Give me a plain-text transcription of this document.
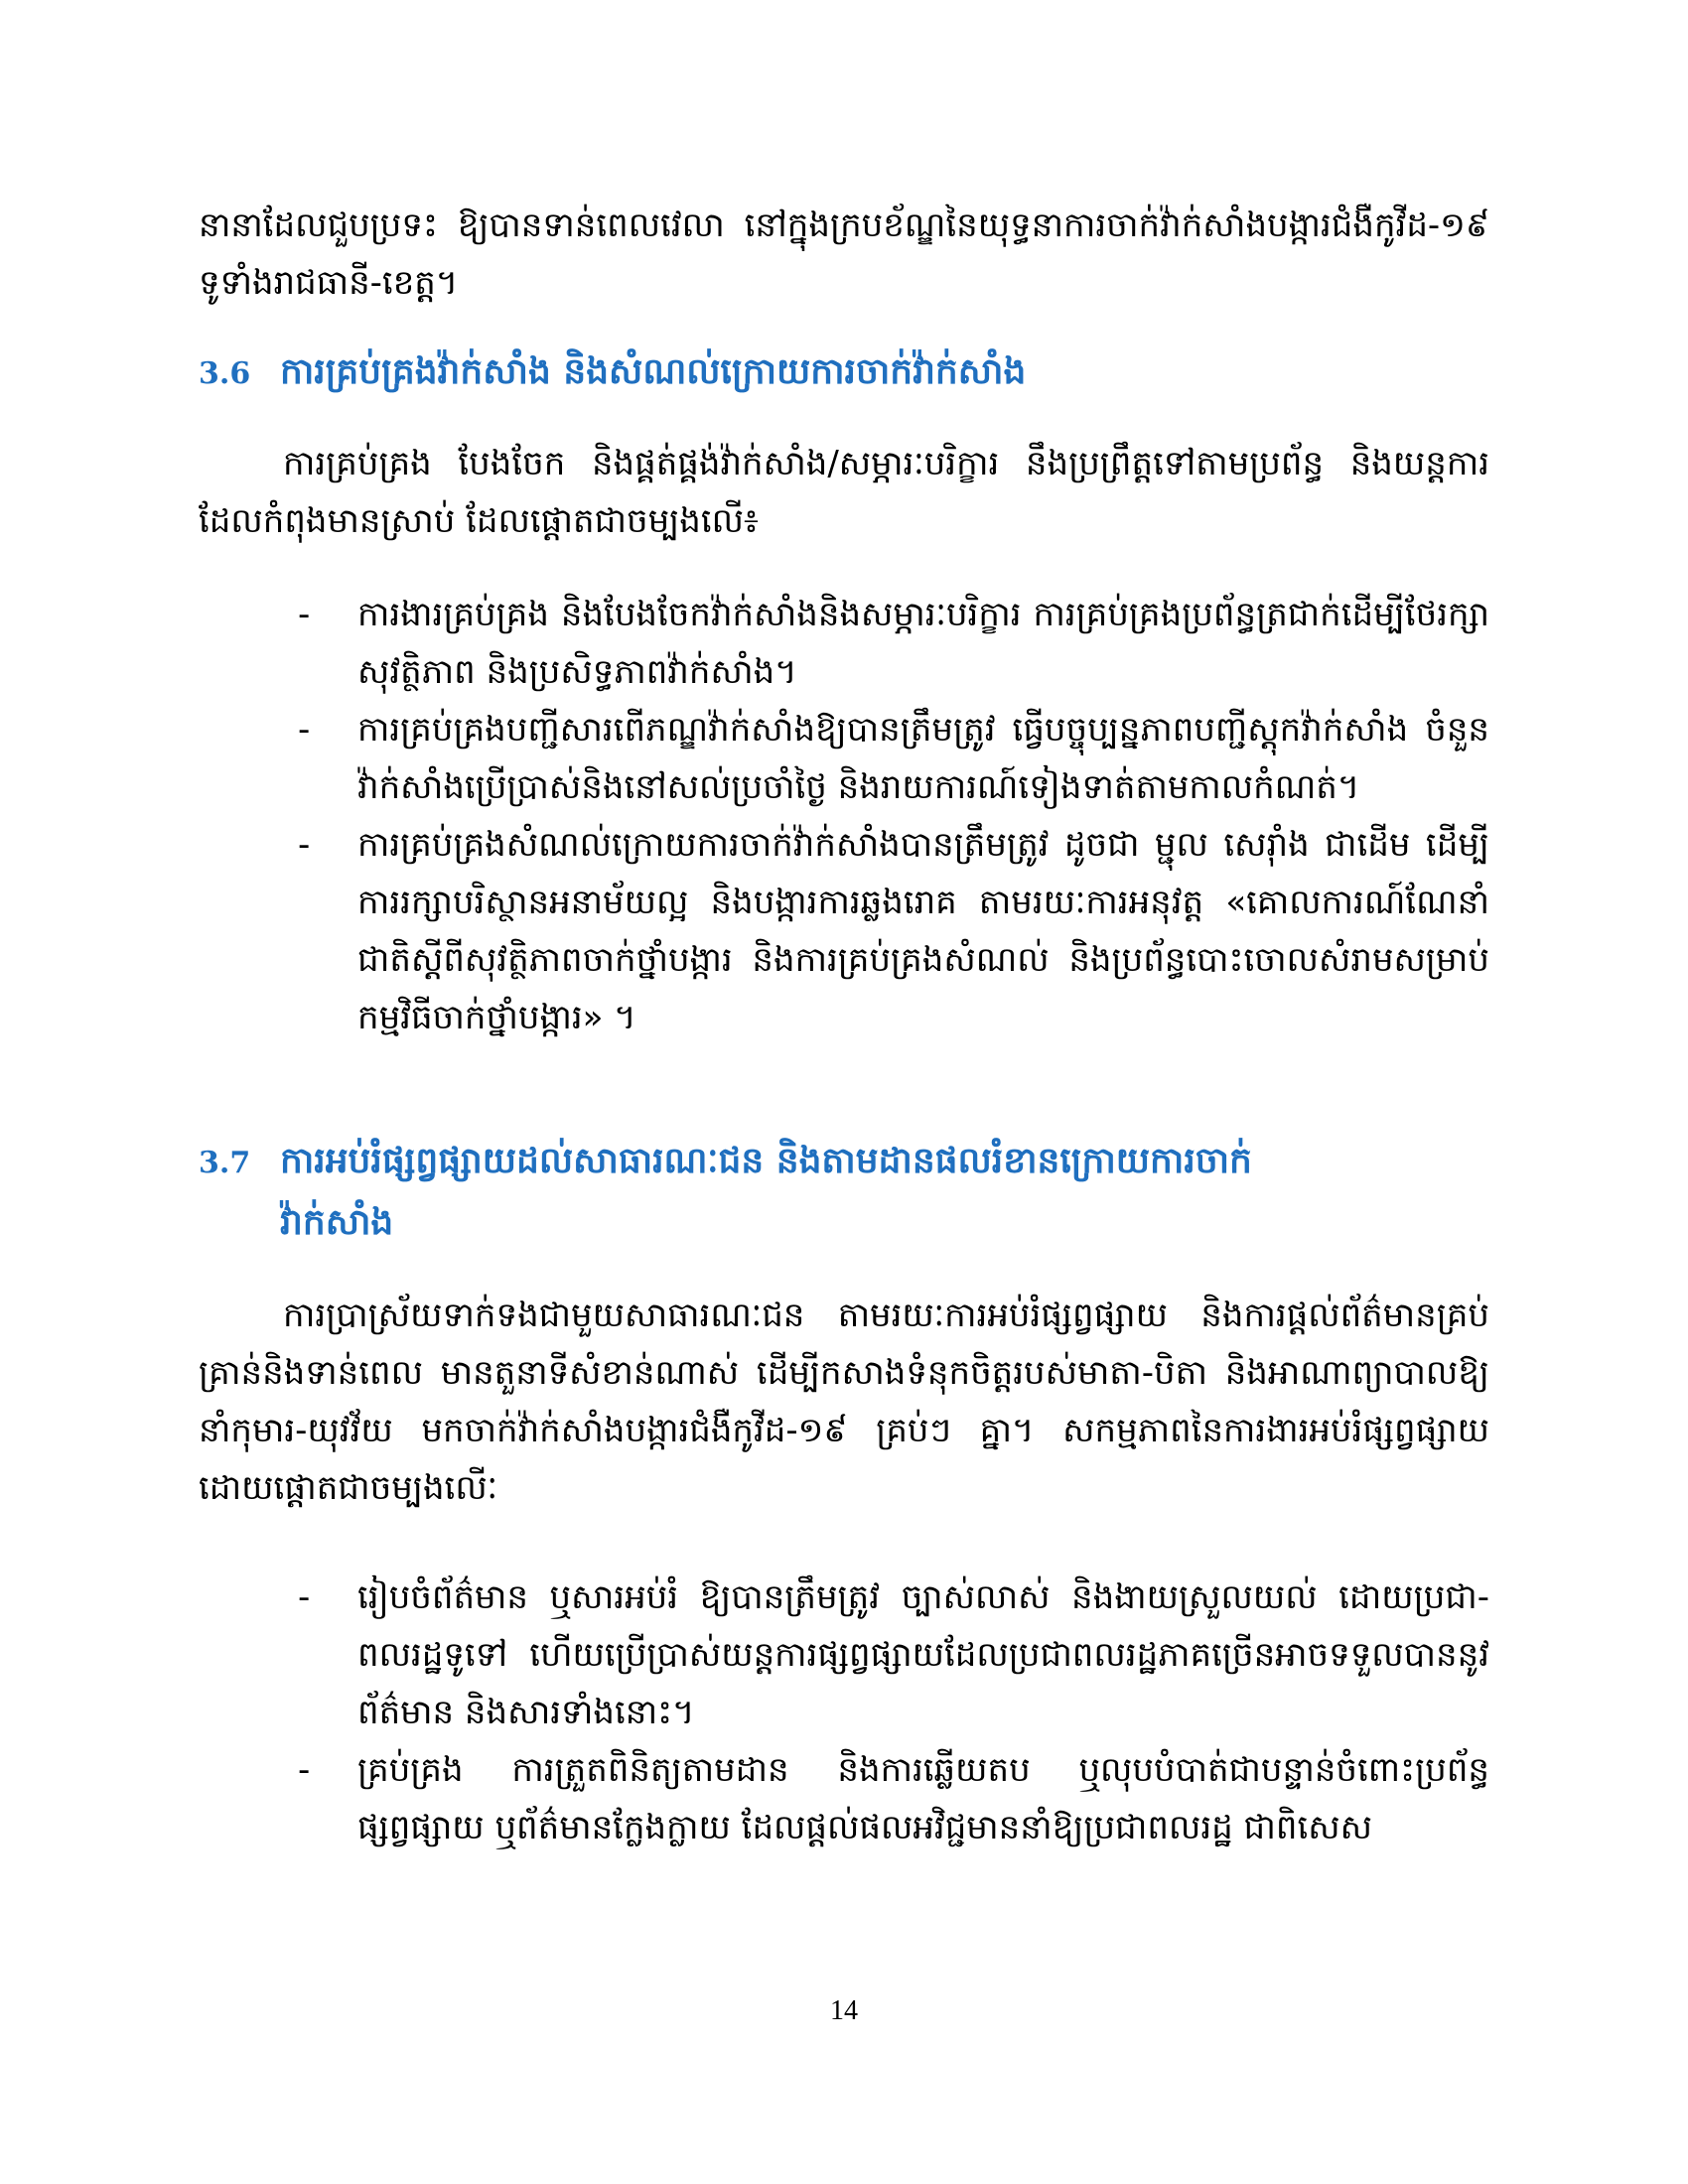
នានាដែលជួបប្រទះ ឱ្យបានទាន់ពេលវេលា នៅក្នុងក្របខ័ណ្ឌនៃយុទ្ធនាការចាក់វ៉ាក់សាំងបង្ការជំងឺកូវីដ-១៩ ទូទាំងរាជធានី-ខេត្ត។

3.6 ការគ្រប់គ្រងវ៉ាក់សាំង និងសំណល់ក្រោយការចាក់វ៉ាក់សាំង

ការគ្រប់គ្រង បែងចែក និងផ្គត់ផ្គង់វ៉ាក់សាំង/សម្ភារៈបរិក្ខារ នឹងប្រព្រឹត្តទៅតាមប្រព័ន្ធ និងយន្តការដែលកំពុងមានស្រាប់ ដែលផ្តោតជាចម្បងលើ៖

-	ការងារគ្រប់គ្រង និងបែងចែកវ៉ាក់សាំងនិងសម្ភារៈបរិក្ខារ ការគ្រប់គ្រងប្រព័ន្ធត្រជាក់ដើម្បីថែរក្សាសុវត្ថិភាព និងប្រសិទ្ធភាពវ៉ាក់សាំង។
-	ការគ្រប់គ្រងបញ្ជីសារពើភណ្ឌវ៉ាក់សាំងឱ្យបានត្រឹមត្រូវ ធ្វើបច្ចុប្បន្នភាពបញ្ជីស្តុកវ៉ាក់សាំង ចំនួនវ៉ាក់សាំងប្រើប្រាស់និងនៅសល់ប្រចាំថ្ងៃ និងរាយការណ៍ទៀងទាត់តាមកាលកំណត់។
-	ការគ្រប់គ្រងសំណល់ក្រោយការចាក់វ៉ាក់សាំងបានត្រឹមត្រូវ ដូចជា ម្ជុល សេរ៉ាំង ជាដើម ដើម្បីការរក្សាបរិស្ថានអនាម័យល្អ និងបង្ការការឆ្លងរោគ តាមរយៈការអនុវត្ត «គោលការណ៍ណែនាំជាតិស្តីពីសុវត្ថិភាពចាក់ថ្នាំបង្ការ និងការគ្រប់គ្រងសំណល់ និងប្រព័ន្ធបោះចោលសំរាមសម្រាប់កម្មវិធីចាក់ថ្នាំបង្ការ» ។
3.7 ការអប់រំផ្សព្វផ្សាយដល់សាធារណៈជន និងតាមដានផលរំខានក្រោយការចាក់
វ៉ាក់សាំង

ការប្រាស្រ័យទាក់ទងជាមួយសាធារណៈជន តាមរយៈការអប់រំផ្សព្វផ្សាយ និងការផ្តល់ព័ត៌មានគ្រប់គ្រាន់និងទាន់ពេល មានតួនាទីសំខាន់ណាស់ ដើម្បីកសាងទំនុកចិត្តរបស់មាតា-បិតា និងអាណាព្យាបាលឱ្យនាំកុមារ-យុវវ័យ មកចាក់វ៉ាក់សាំងបង្ការជំងឺកូវីដ-១៩ គ្រប់ៗ គ្នា។ សកម្មភាពនៃការងារអប់រំផ្សព្វផ្សាយ ដោយផ្តោតជាចម្បងលើៈ

-	រៀបចំព័ត៌មាន ឬសារអប់រំ ឱ្យបានត្រឹមត្រូវ ច្បាស់លាស់ និងងាយស្រួលយល់ ដោយប្រជា-ពលរដ្ឋទូទៅ ហើយប្រើប្រាស់យន្តការផ្សព្វផ្សាយដែលប្រជាពលរដ្ឋភាគច្រើនអាចទទួលបាននូវព័ត៌មាន និងសារទាំងនោះ។
-	គ្រប់គ្រង ការត្រួតពិនិត្យតាមដាន និងការឆ្លើយតប ឬលុបបំបាត់ជាបន្ទាន់ចំពោះប្រព័ន្ធផ្សព្វផ្សាយ ឬព័ត៌មានក្លែងក្លាយ ដែលផ្តល់ផលអវិជ្ជមាននាំឱ្យប្រជាពលរដ្ឋ ជាពិសេស
14
